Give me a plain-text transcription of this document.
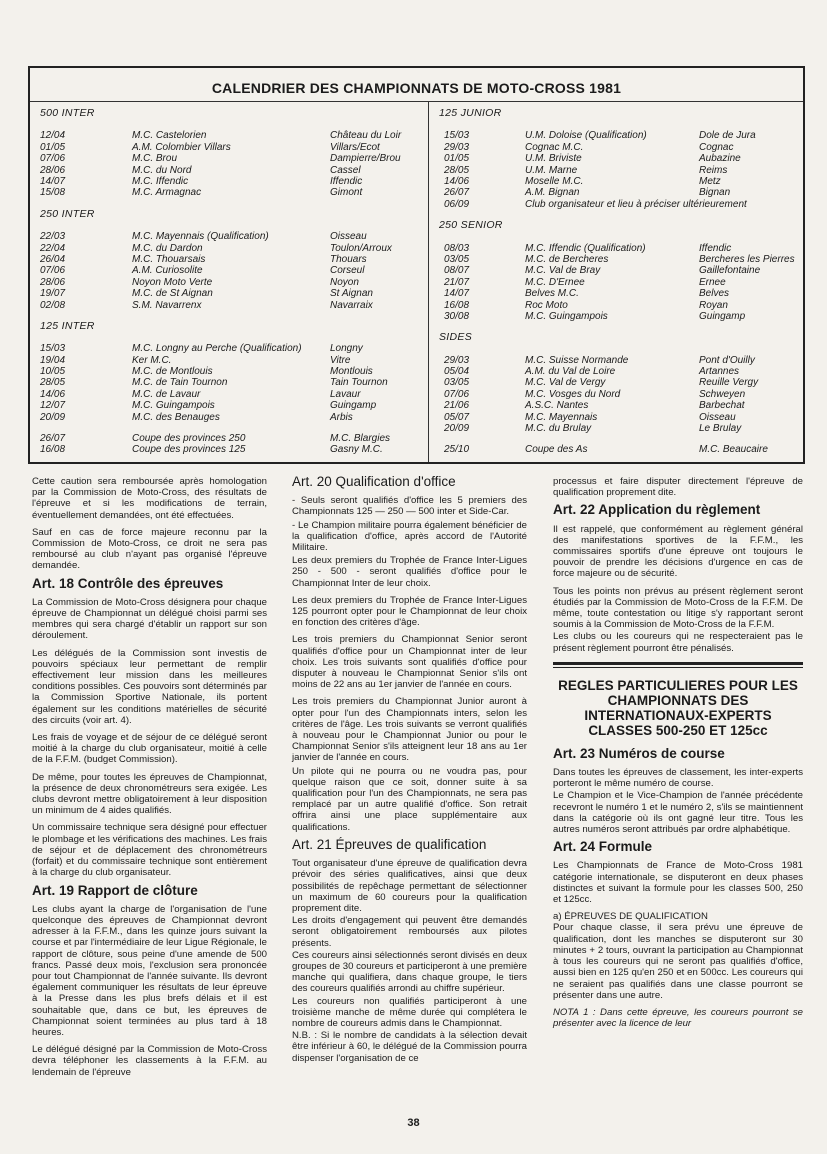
CALENDRIER DES CHAMPIONNATS DE MOTO-CROSS 1981
500 INTER
12/04	M.C. Castelorien	Château du Loir
01/05	A.M. Colombier Villars	Villars/Ecot
07/06	M.C. Brou	Dampierre/Brou
28/06	M.C. du Nord	Cassel
14/07	M.C. Iffendic	Iffendic
15/08	M.C. Armagnac	Gimont
250 INTER
22/03	M.C. Mayennais (Qualification)	Oisseau
22/04	M.C. du Dardon	Toulon/Arroux
26/04	M.C. Thouarsais	Thouars
07/06	A.M. Curiosolite	Corseul
28/06	Noyon Moto Verte	Noyon
19/07	M.C. de St Aignan	St Aignan
02/08	S.M. Navarrenx	Navarraix
125 INTER
15/03	M.C. Longny au Perche (Qualification)	Longny
19/04	Ker M.C.	Vitre
10/05	M.C. de Montlouis	Montlouis
28/05	M.C. de Tain Tournon	Tain Tournon
14/06	M.C. de Lavaur	Lavaur
12/07	M.C. Guingampois	Guingamp
20/09	M.C. des Benauges	Arbis
26/07	Coupe des provinces 250	M.C. Blargies
16/08	Coupe des provinces 125	Gasny M.C.
125 JUNIOR
15/03	U.M. Doloise (Qualification)	Dole de Jura
29/03	Cognac M.C.	Cognac
01/05	U.M. Briviste	Aubazine
28/05	U.M. Marne	Reims
14/06	Moselle M.C.	Metz
26/07	A.M. Bignan	Bignan
06/09	Club organisateur et lieu à préciser ultérieurement
250 SENIOR
08/03	M.C. Iffendic (Qualification)	Iffendic
03/05	M.C. de Bercheres	Bercheres les Pierres
08/07	M.C. Val de Bray	Gaillefontaine
21/07	M.C. D'Ernee	Ernee
14/07	Belves M.C.	Belves
16/08	Roc Moto	Royan
30/08	M.C. Guingampois	Guingamp
SIDES
29/03	M.C. Suisse Normande	Pont d'Ouilly
05/04	A.M. du Val de Loire	Artannes
03/05	M.C. Val de Vergy	Reuille Vergy
07/06	M.C. Vosges du Nord	Schweyen
21/06	A.S.C. Nantes	Barbechat
05/07	M.C. Mayennais	Oisseau
20/09	M.C. du Brulay	Le Brulay
25/10	Coupe des As	M.C. Beaucaire

Cette caution sera remboursée après homologation par la Commission de Moto-Cross, des résultats de l'épreuve et si les modifications de terrain, éventuellement demandées, ont été effectuées.

Sauf en cas de force majeure reconnu par la Commission de Moto-Cross, ce droit ne sera pas remboursé au club n'ayant pas organisé l'épreuve demandée.

Art. 18 Contrôle des épreuves

La Commission de Moto-Cross désignera pour chaque épreuve de Championnat un délégué choisi parmi ses membres qui sera chargé d'établir un rapport sur son déroulement.

Les délégués de la Commission sont investis de pouvoirs spéciaux leur permettant de remplir effectivement leur mission dans les meilleures conditions possibles. Ces pouvoirs sont déterminés par la Commission Sportive Nationale, ils portent également sur les conditions matérielles de sécurité des circuits (voir art. 4).

Les frais de voyage et de séjour de ce délégué seront moitié à la charge du club organisateur, moitié à celle de la F.F.M. (budget Commission).

De même, pour toutes les épreuves de Championnat, la présence de deux chronométreurs sera exigée. Les clubs devront mettre obligatoirement à leur disposition un minimum de 4 aides qualifiés.

Un commissaire technique sera désigné pour effectuer le plombage et les vérifications des machines. Les frais de séjour et de déplacement des chronométreurs (forfait) et du commissaire technique sont entièrement à la charge du club organisateur.

Art. 19 Rapport de clôture

Les clubs ayant la charge de l'organisation de l'une quelconque des épreuves de Championnat devront adresser à la F.F.M., dans les quinze jours suivant la course et par l'intermédiaire de leur Ligue Régionale, le rapport de clôture, sous peine d'une amende de 500 francs. Passé deux mois, l'exclusion sera prononcée pour tout Championnat de l'année suivante. Ils devront également communiquer les résultats de leur épreuve à la Presse dans les plus brefs délais et il est souhaitable que, dans ce but, les épreuves de Championnat soient terminées au plus tard à 18 heures.

Le délégué désigné par la Commission de Moto-Cross devra téléphoner les classements à la F.F.M. au lendemain de l'épreuve

Art. 20 Qualification d'office

- Seuls seront qualifiés d'office les 5 premiers des Championnats 125 — 250 — 500 inter et Side-Car.

- Le Champion militaire pourra également bénéficier de la qualification d'office, après accord de l'Autorité Militaire.

Les deux premiers du Trophée de France Inter-Ligues 250 - 500 - seront qualifiés d'office pour le Championnat Inter de leur choix.

Les deux premiers du Trophée de France Inter-Ligues 125 pourront opter pour le Championnat de leur choix en fonction des critères d'âge.

Les trois premiers du Championnat Senior seront qualifiés d'office pour un Championnat inter de leur choix. Les trois suivants sont qualifiés d'office pour disputer à nouveau le Championnat Senior s'ils ont moins de 22 ans au 1er janvier de l'année en cours.

Les trois premiers du Championnat Junior auront à opter pour l'un des Championnats inters, selon les critères de l'âge. Les trois suivants se verront qualifiés à nouveau pour le Championnat Junior ou pour le Championnat Senior s'ils atteignent leur 18 ans au 1er janvier de l'année en cours.

Un pilote qui ne pourra ou ne voudra pas, pour quelque raison que ce soit, donner suite à sa qualification pour l'un des Championnats, ne sera pas remplacé par un autre qualifié d'office. Son retrait offrira ainsi une place supplémentaire aux qualifications.

Art. 21 Épreuves de qualification

Tout organisateur d'une épreuve de qualification devra prévoir des séries qualificatives, ainsi que deux possibilités de repêchage permettant de sélectionner un maximum de 60 coureurs pour la qualification proprement dite.

Les droits d'engagement qui peuvent être demandés seront obligatoirement remboursés aux pilotes présents.

Ces coureurs ainsi sélectionnés seront divisés en deux groupes de 30 coureurs et participeront à une première manche qui qualifiera, dans chaque groupe, le tiers des coureurs qualifiés arrondi au chiffre supérieur.

Les coureurs non qualifiés participeront à une troisième manche de même durée qui complétera le nombre de coureurs admis dans le Championnat.

N.B. : Si le nombre de candidats à la sélection devait être inférieur à 60, le délégué de la Commission pourra dispenser l'organisation de ce

processus et faire disputer directement l'épreuve de qualification proprement dite.

Art. 22 Application du règlement

Il est rappelé, que conformément au règlement général des manifestations sportives de la F.F.M., les commissaires sportifs d'une épreuve ont toujours le pouvoir de prendre les décisions d'urgence en cas de force majeure ou de sécurité.

Tous les points non prévus au présent règlement seront étudiés par la Commission de Moto-Cross de la F.F.M. De même, toute contestation ou litige s'y rapportant seront soumis à la Commission de Moto-Cross de la F.F.M.

Les clubs ou les coureurs qui ne respecteraient pas le présent règlement pourront être pénalisés.

REGLES PARTICULIERES POUR LES CHAMPIONNATS DES INTERNATIONAUX-EXPERTS CLASSES 500-250 ET 125cc
Art. 23 Numéros de course

Dans toutes les épreuves de classement, les inter-experts porteront le même numéro de course.

Le Champion et le Vice-Champion de l'année précédente recevront le numéro 1 et le numéro 2, s'ils se maintiennent dans la catégorie où ils ont gagné leur titre. Tous les autres numéros seront attribués par ordre alphabétique.

Art. 24 Formule

Les Championnats de France de Moto-Cross 1981 catégorie internationale, se disputeront en deux phases distinctes et suivant la formule pour les classes 500, 250 et 125cc.

a) ÉPREUVES DE QUALIFICATION

Pour chaque classe, il sera prévu une épreuve de qualification, dont les manches se disputeront sur 30 minutes + 2 tours, ouvrant la participation au Championnat à tous les coureurs qui ne seront pas qualifiés d'office, aussi bien en 125 qu'en 250 et en 500cc. Les coureurs qui ne seraient pas qualifiés dans une classe pourront se présenter dans une autre.

NOTA 1 : Dans cette épreuve, les coureurs pourront se présenter avec la licence de leur

38
